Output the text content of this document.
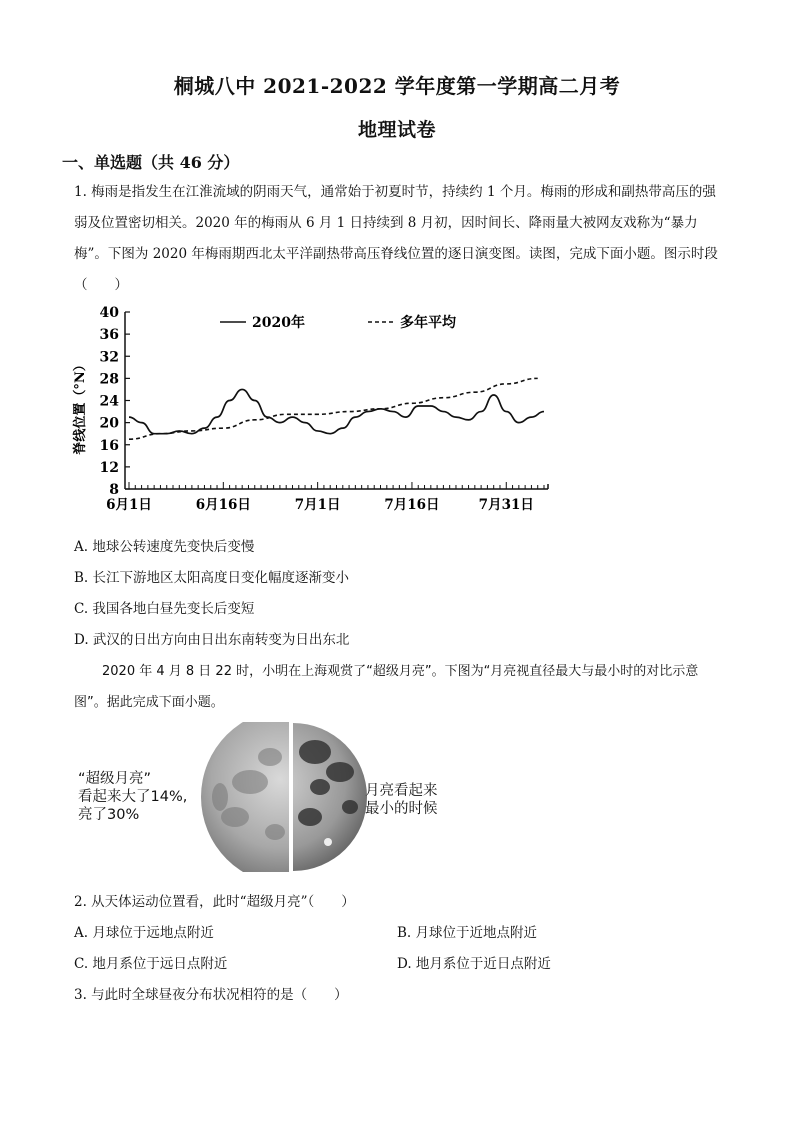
桐城八中 2021-2022 学年度第一学期高二月考
地理试卷
一、单选题（共 46 分）
1. 梅雨是指发生在江淮流域的阴雨天气，通常始于初夏时节，持续约 1 个月。梅雨的形成和副热带高压的强弱及位置密切相关。2020 年的梅雨从 6 月 1 日持续到 8 月初，因时间长、降雨量大被网友戏称为“暴力梅”。下图为 2020 年梅雨期西北太平洋副热带高压脊线位置的逐日演变图。读图，完成下面小题。图示时段（　　）
40
36
32
28
24
20
16
12
8
6月1日	6月16日	7月1日	7月16日	7月31日
脊线位置（°N）
2020年	多年平均
A. 地球公转速度先变快后变慢
B. 长江下游地区太阳高度日变化幅度逐渐变小
C. 我国各地白昼先变长后变短
D. 武汉的日出方向由日出东南转变为日出东北
2020 年 4 月 8 日 22 时，小明在上海观赏了“超级月亮”。下图为“月亮视直径最大与最小时的对比示意图”。据此完成下面小题。
“超级月亮”
看起来大了14%,
亮了30%
月亮看起来
最小的时候
2. 从天体运动位置看，此时“超级月亮”（　　）
A. 月球位于远地点附近	B. 月球位于近地点附近
C. 地月系位于远日点附近	D. 地月系位于近日点附近
3. 与此时全球昼夜分布状况相符的是（　　）
